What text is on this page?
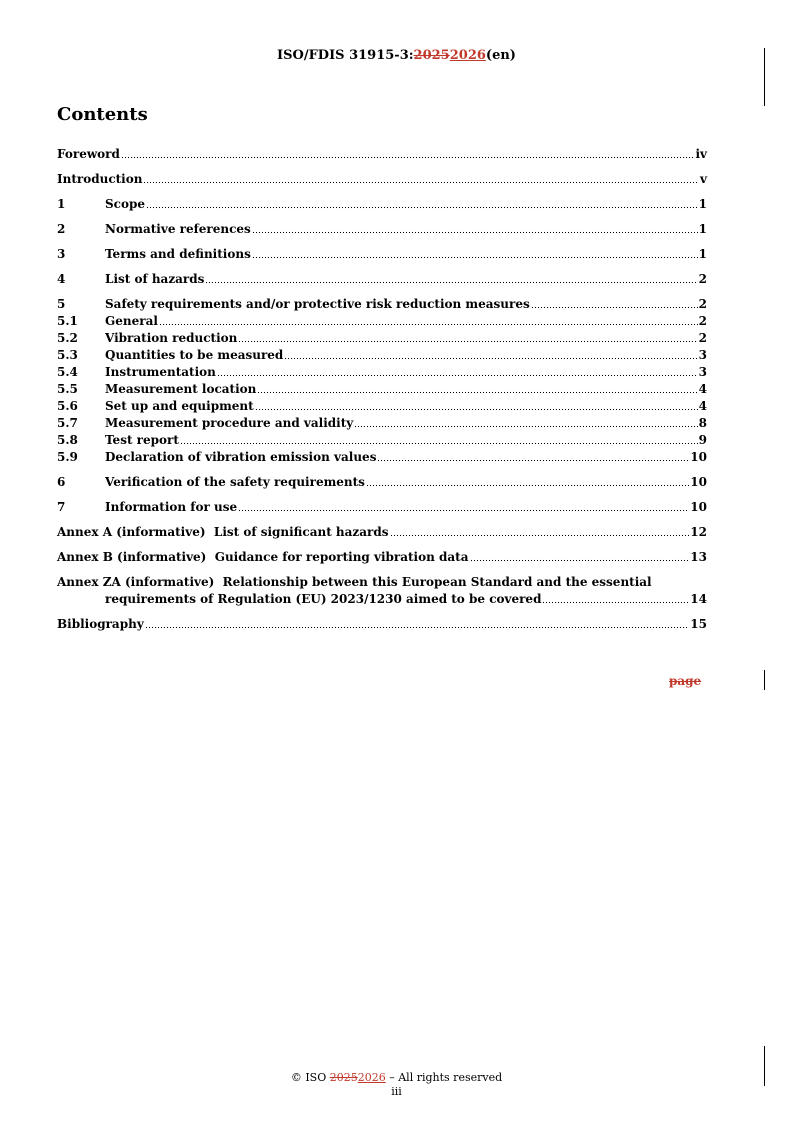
ISO/FDIS 31915-3:20252026(en)
Contents
Foreword	iv
Introduction	v
1	Scope	1
2	Normative references	1
3	Terms and definitions	1
4	List of hazards	2
5	Safety requirements and/or protective risk reduction measures	2
5.1	General	2
5.2	Vibration reduction	2
5.3	Quantities to be measured	3
5.4	Instrumentation	3
5.5	Measurement location	4
5.6	Set up and equipment	4
5.7	Measurement procedure and validity	8
5.8	Test report	9
5.9	Declaration of vibration emission values	10
6	Verification of the safety requirements	10
7	Information for use	10
Annex A (informative)  List of significant hazards	12
Annex B (informative)  Guidance for reporting vibration data	13
Annex ZA (informative)  Relationship between this European Standard and the essential
requirements of Regulation (EU) 2023/1230 aimed to be covered	14
Bibliography	15
page
© ISO 20252026 – All rights reserved
iii
